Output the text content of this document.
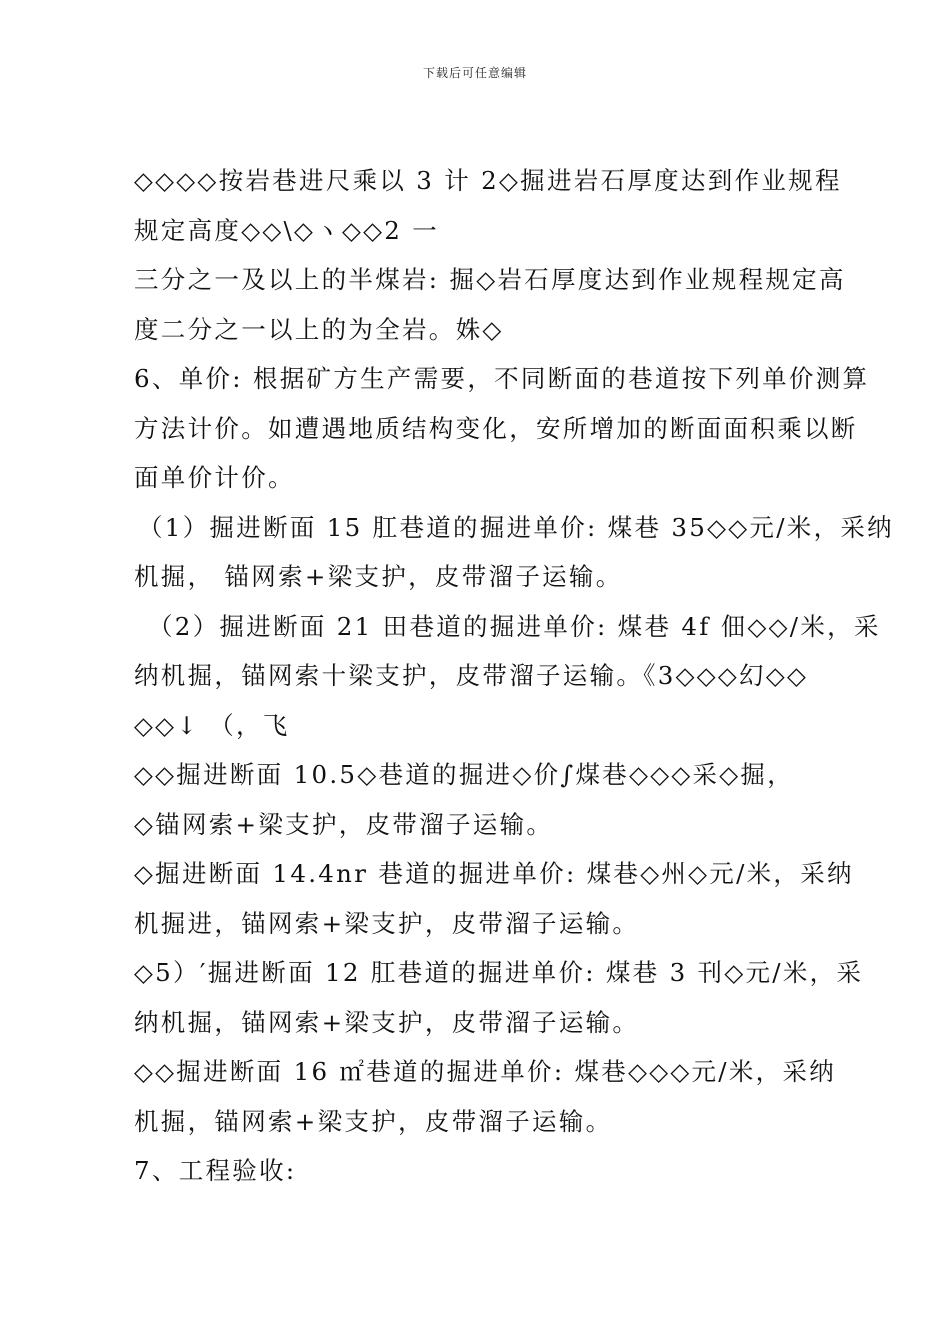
下载后可任意编辑
◇◇◇◇按岩巷进尺乘以 3 计 2◇掘进岩石厚度达到作业规程
规定高度◇◇\◇ヽ◇◇2 一
三分之一及以上的半煤岩: 掘◇岩石厚度达到作业规程规定高
度二分之一以上的为全岩。姝◇
6、单价: 根据矿方生产需要，不同断面的巷道按下列单价测算
方法计价。如遭遇地质结构变化，安所增加的断面面积乘以断
面单价计价。
（1）掘进断面 15 肛巷道的掘进单价: 煤巷 35◇◇元/米，采纳
机掘， 锚网索+梁支护，皮带溜子运输。
（2）掘进断面 21 田巷道的掘进单价: 煤巷 4f 佃◇◇/米，采
纳机掘，锚网索十梁支护，皮带溜子运输。《3◇◇◇幻◇◇
◇◇↓ （，飞
◇◇掘进断面 10.5◇巷道的掘进◇价∫煤巷◇◇◇采◇掘，
◇锚网索+梁支护，皮带溜子运输。
◇掘进断面 14.4nr 巷道的掘进单价: 煤巷◇州◇元/米，采纳
机掘进，锚网索+梁支护，皮带溜子运输。
◇5）′掘进断面 12 肛巷道的掘进单价: 煤巷 3 刊◇元/米，采
纳机掘，锚网索+梁支护，皮带溜子运输。
◇◇掘进断面 16 ㎡巷道的掘进单价: 煤巷◇◇◇元/米，采纳
机掘，锚网索+梁支护，皮带溜子运输。
7、工程验收:
